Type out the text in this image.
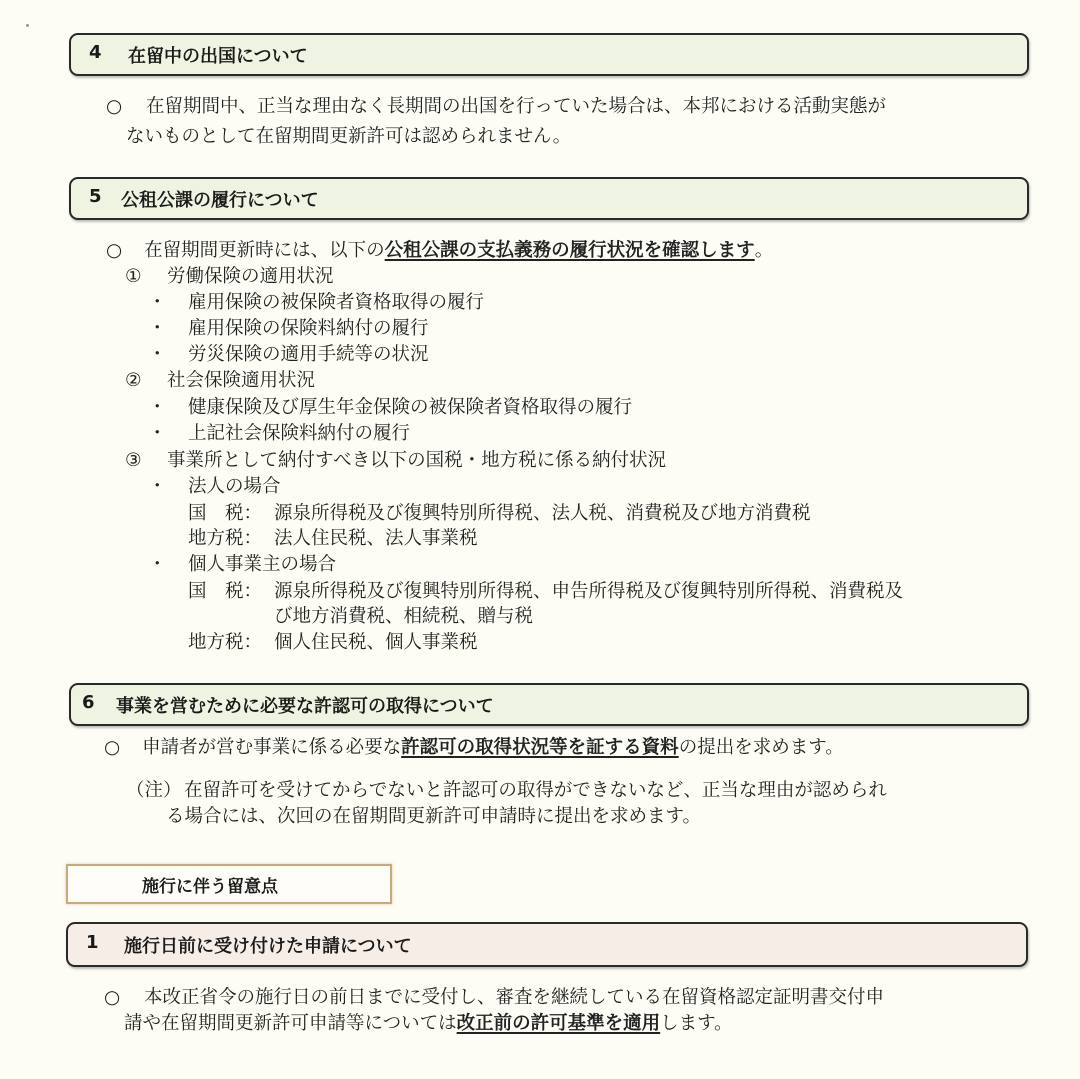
4 在留中の出国について
○ 在留期間中、正当な理由なく長期間の出国を行っていた場合は、本邦における活動実態が
ないものとして在留期間更新許可は認められません。
5 公租公課の履行について
○ 在留期間更新時には、以下の公租公課の支払義務の履行状況を確認します。
① 労働保険の適用状況
・ 雇用保険の被保険者資格取得の履行
・ 雇用保険の保険料納付の履行
・ 労災保険の適用手続等の状況
② 社会保険適用状況
・ 健康保険及び厚生年金保険の被保険者資格取得の履行
・ 上記社会保険料納付の履行
③ 事業所として納付すべき以下の国税・地方税に係る納付状況
・ 法人の場合
国　税： 源泉所得税及び復興特別所得税、法人税、消費税及び地方消費税
地方税： 法人住民税、法人事業税
・ 個人事業主の場合
国　税： 源泉所得税及び復興特別所得税、申告所得税及び復興特別所得税、消費税及
び地方消費税、相続税、贈与税
地方税： 個人住民税、個人事業税
6 事業を営むために必要な許認可の取得について
○ 申請者が営む事業に係る必要な許認可の取得状況等を証する資料の提出を求めます。
（注） 在留許可を受けてからでないと許認可の取得ができないなど、正当な理由が認められ
る場合には、次回の在留期間更新許可申請時に提出を求めます。
施行に伴う留意点
1 施行日前に受け付けた申請について
○ 本改正省令の施行日の前日までに受付し、審査を継続している在留資格認定証明書交付申
請や在留期間更新許可申請等については改正前の許可基準を適用します。
